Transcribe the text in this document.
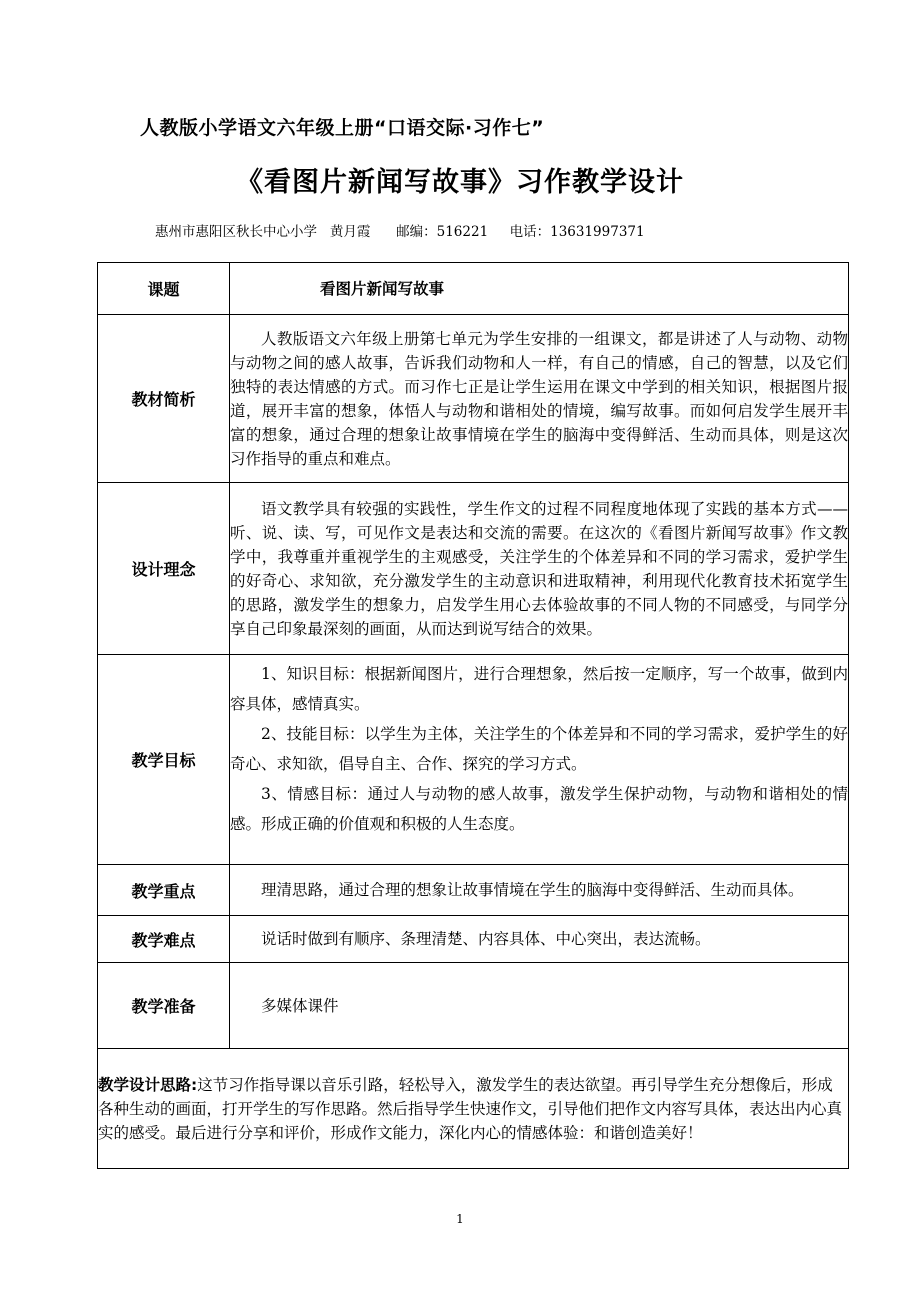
人教版小学语文六年级上册“口语交际·习作七”
《看图片新闻写故事》习作教学设计
惠州市惠阳区秋长中心小学   黄月霞      邮编：516221     电话：13631997371
课题	看图片新闻写故事
教材简析	人教版语文六年级上册第七单元为学生安排的一组课文，都是讲述了人与动物、动物与动物之间的感人故事，告诉我们动物和人一样，有自己的情感，自己的智慧，以及它们独特的表达情感的方式。而习作七正是让学生运用在课文中学到的相关知识，根据图片报道，展开丰富的想象，体悟人与动物和谐相处的情境，编写故事。而如何启发学生展开丰富的想象，通过合理的想象让故事情境在学生的脑海中变得鲜活、生动而具体，则是这次习作指导的重点和难点。

设计理念	语文教学具有较强的实践性，学生作文的过程不同程度地体现了实践的基本方式——听、说、读、写，可见作文是表达和交流的需要。在这次的《看图片新闻写故事》作文教学中，我尊重并重视学生的主观感受，关注学生的个体差异和不同的学习需求，爱护学生的好奇心、求知欲，充分激发学生的主动意识和进取精神，利用现代化教育技术拓宽学生的思路，激发学生的想象力，启发学生用心去体验故事的不同人物的不同感受，与同学分享自己印象最深刻的画面，从而达到说写结合的效果。

教学目标	1、知识目标：根据新闻图片，进行合理想象，然后按一定顺序，写一个故事，做到内容具体，感情真实。

2、技能目标：以学生为主体，关注学生的个体差异和不同的学习需求，爱护学生的好奇心、求知欲，倡导自主、合作、探究的学习方式。

3、情感目标：通过人与动物的感人故事，激发学生保护动物，与动物和谐相处的情感。形成正确的价值观和积极的人生态度。

教学重点	理清思路，通过合理的想象让故事情境在学生的脑海中变得鲜活、生动而具体。

教学难点	说话时做到有顺序、条理清楚、内容具体、中心突出，表达流畅。

教学准备	多媒体课件

教学设计思路:这节习作指导课以音乐引路，轻松导入，激发学生的表达欲望。再引导学生充分想像后，形成各种生动的画面，打开学生的写作思路。然后指导学生快速作文，引导他们把作文内容写具体，表达出内心真实的感受。最后进行分享和评价，形成作文能力，深化内心的情感体验：和谐创造美好！	
1
